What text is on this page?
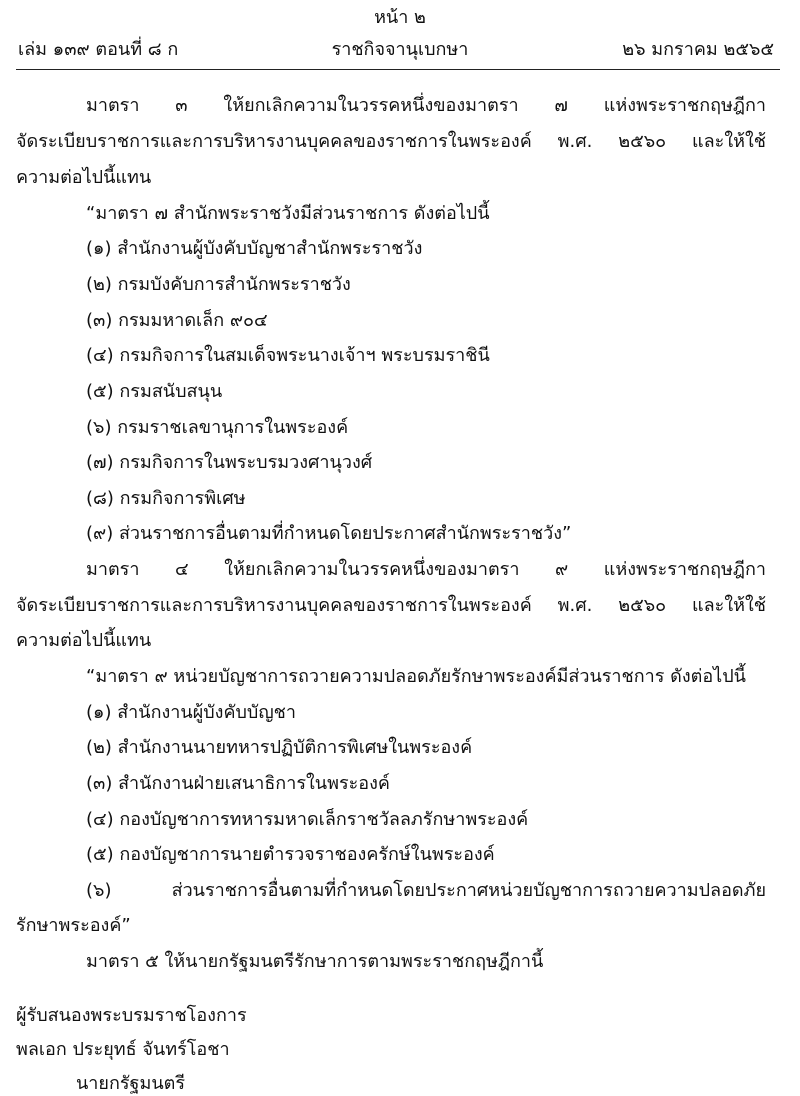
หน้า ๒
เล่ม ๑๓๙ ตอนที่ ๘ ก	ราชกิจจานุเบกษา	๒๖ มกราคม ๒๕๖๕
มาตรา ๓ ให้ยกเลิกความในวรรคหนึ่งของมาตรา ๗ แห่งพระราชกฤษฎีกา
จัดระเบียบราชการและการบริหารงานบุคคลของราชการในพระองค์ พ.ศ. ๒๕๖๐ และให้ใช้
ความต่อไปนี้แทน
“มาตรา ๗ สำนักพระราชวังมีส่วนราชการ ดังต่อไปนี้
(๑) สำนักงานผู้บังคับบัญชาสำนักพระราชวัง
(๒) กรมบังคับการสำนักพระราชวัง
(๓) กรมมหาดเล็ก ๙๐๔
(๔) กรมกิจการในสมเด็จพระนางเจ้าฯ พระบรมราชินี
(๕) กรมสนับสนุน
(๖) กรมราชเลขานุการในพระองค์
(๗) กรมกิจการในพระบรมวงศานุวงศ์
(๘) กรมกิจการพิเศษ
(๙) ส่วนราชการอื่นตามที่กำหนดโดยประกาศสำนักพระราชวัง”
มาตรา ๔ ให้ยกเลิกความในวรรคหนึ่งของมาตรา ๙ แห่งพระราชกฤษฎีกา
จัดระเบียบราชการและการบริหารงานบุคคลของราชการในพระองค์ พ.ศ. ๒๕๖๐ และให้ใช้
ความต่อไปนี้แทน
“มาตรา ๙ หน่วยบัญชาการถวายความปลอดภัยรักษาพระองค์มีส่วนราชการ ดังต่อไปนี้
(๑) สำนักงานผู้บังคับบัญชา
(๒) สำนักงานนายทหารปฏิบัติการพิเศษในพระองค์
(๓) สำนักงานฝ่ายเสนาธิการในพระองค์
(๔) กองบัญชาการทหารมหาดเล็กราชวัลลภรักษาพระองค์
(๕) กองบัญชาการนายตำรวจราชองครักษ์ในพระองค์
(๖) ส่วนราชการอื่นตามที่กำหนดโดยประกาศหน่วยบัญชาการถวายความปลอดภัย
รักษาพระองค์”
มาตรา ๕ ให้นายกรัฐมนตรีรักษาการตามพระราชกฤษฎีกานี้
ผู้รับสนองพระบรมราชโองการ
พลเอก ประยุทธ์ จันทร์โอชา
นายกรัฐมนตรี
